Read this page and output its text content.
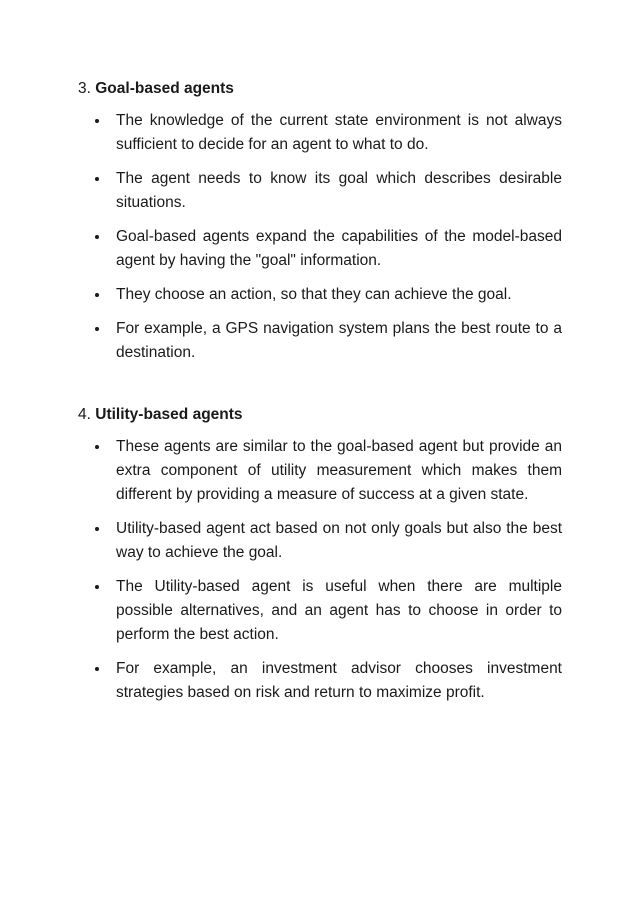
3. Goal-based agents
The knowledge of the current state environment is not always sufficient to decide for an agent to what to do.
The agent needs to know its goal which describes desirable situations.
Goal-based agents expand the capabilities of the model-based agent by having the "goal" information.
They choose an action, so that they can achieve the goal.
For example, a GPS navigation system plans the best route to a destination.
4. Utility-based agents
These agents are similar to the goal-based agent but provide an extra component of utility measurement which makes them different by providing a measure of success at a given state.
Utility-based agent act based on not only goals but also the best way to achieve the goal.
The Utility-based agent is useful when there are multiple possible alternatives, and an agent has to choose in order to perform the best action.
For example, an investment advisor chooses investment strategies based on risk and return to maximize profit.
